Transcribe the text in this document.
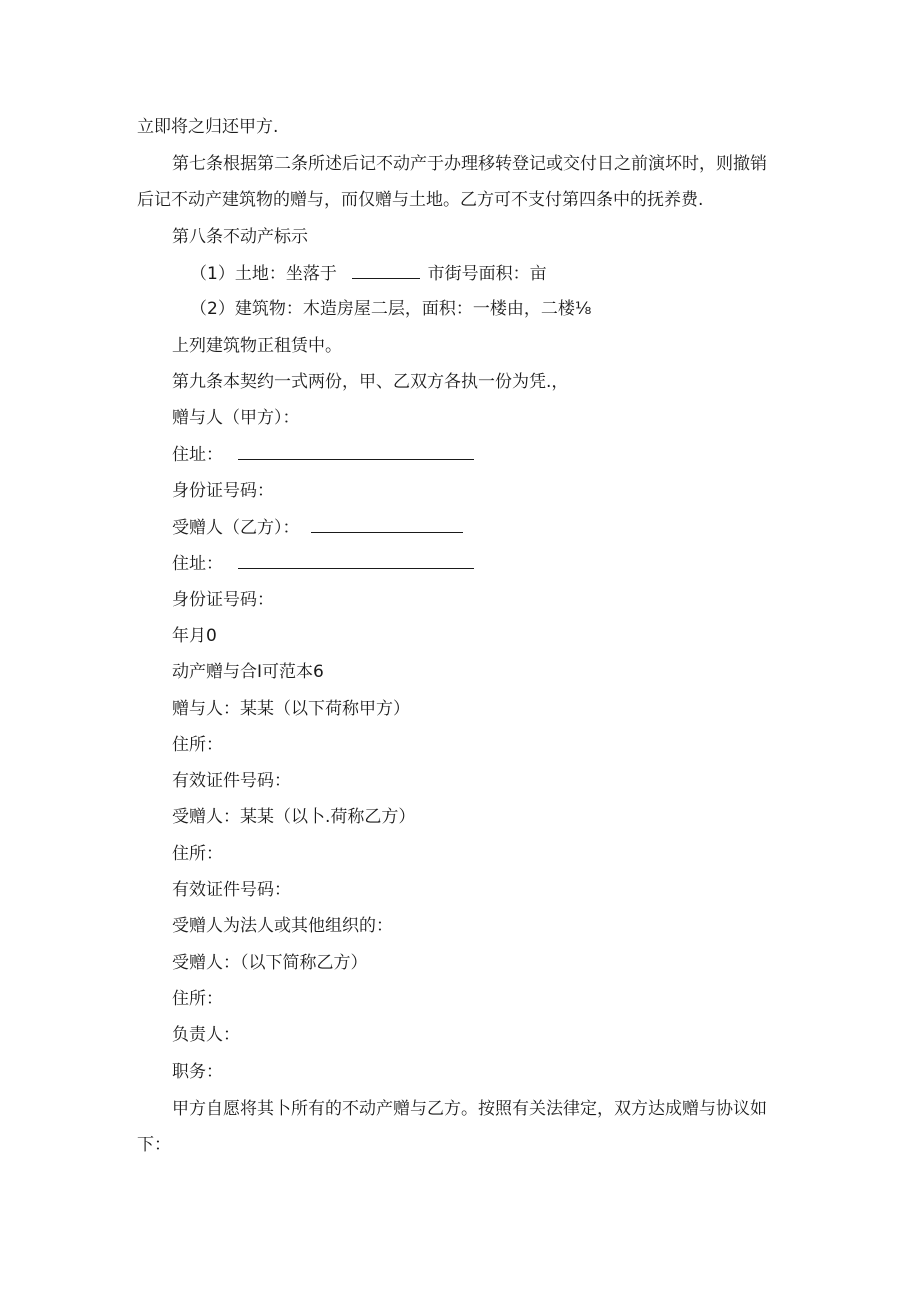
立即将之归还甲方.
第七条根据第二条所述后记不动产于办理移转登记或交付日之前演坏时，则撤销
后记不动产建筑物的赠与，而仅赠与土地。乙方可不支付第四条中的抚养费.
第八条不动产标示
（1）土地：坐落于	市街号面积：亩
（2）建筑物：木造房屋二层，面积：一楼由，二楼⅛
上列建筑物正租赁中。
第九条本契约一式两份，甲、乙双方各执一份为凭.，
赠与人（甲方）：
住址：
身份证号码：
受赠人（乙方）：
住址：
身份证号码：
年月0
动产赠与合I可范本6
赠与人：某某（以下荷称甲方）
住所：
有效证件号码：
受赠人：某某（以卜.荷称乙方）
住所：
有效证件号码：
受赠人为法人或其他组织的：
受赠人：（以下简称乙方）
住所：
负责人：
职务：
甲方自愿将其卜所有的不动产赠与乙方。按照有关法律定，双方达成赠与协议如
下：
